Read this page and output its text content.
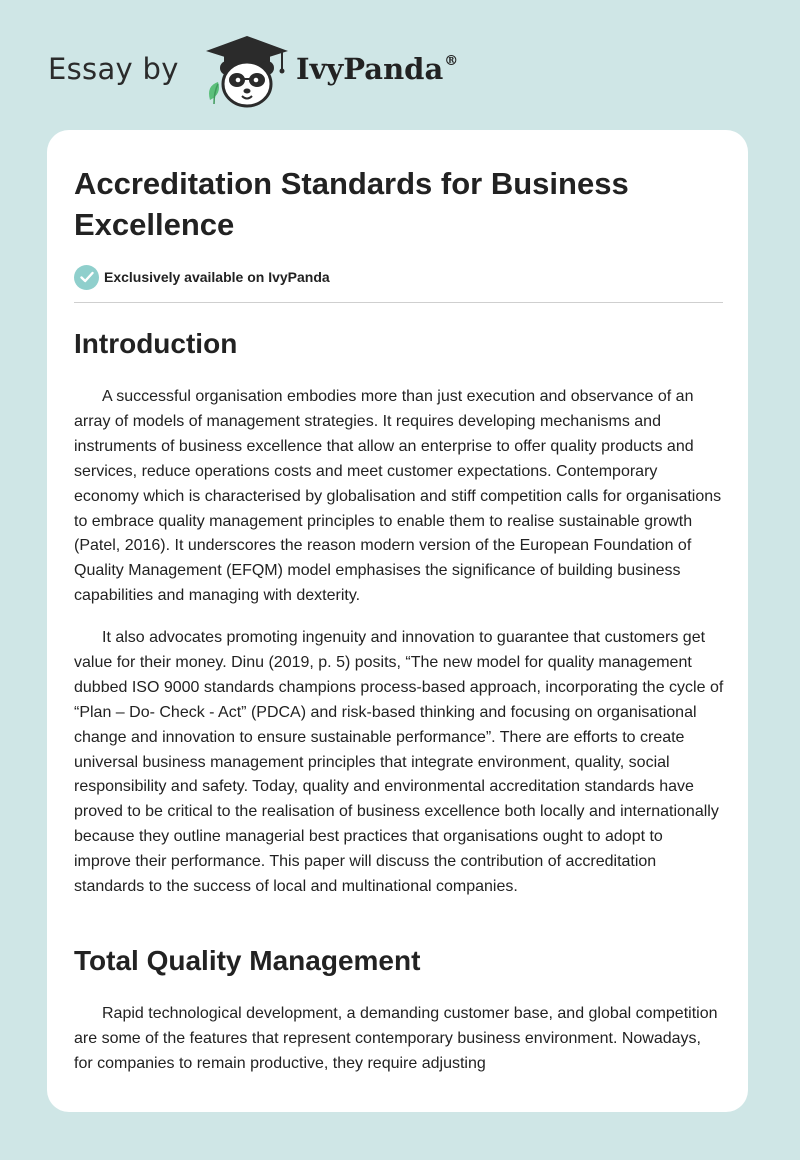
Essay by	IvyPanda®
Accreditation Standards for Business Excellence
Exclusively available on IvyPanda
Introduction

A successful organisation embodies more than just execution and observance of an array of models of management strategies. It requires developing mechanisms and instruments of business excellence that allow an enterprise to offer quality products and services, reduce operations costs and meet customer expectations. Contemporary economy which is characterised by globalisation and stiff competition calls for organisations to embrace quality management principles to enable them to realise sustainable growth (Patel, 2016). It underscores the reason modern version of the European Foundation of Quality Management (EFQM) model emphasises the significance of building business capabilities and managing with dexterity.

It also advocates promoting ingenuity and innovation to guarantee that customers get value for their money. Dinu (2019, p. 5) posits, “The new model for quality management dubbed ISO 9000 standards champions process-based approach, incorporating the cycle of “Plan – Do- Check - Act” (PDCA) and risk-based thinking and focusing on organisational change and innovation to ensure sustainable performance”. There are efforts to create universal business management principles that integrate environment, quality, social responsibility and safety. Today, quality and environmental accreditation standards have proved to be critical to the realisation of business excellence both locally and internationally because they outline managerial best practices that organisations ought to adopt to improve their performance. This paper will discuss the contribution of accreditation standards to the success of local and multinational companies.

Total Quality Management

Rapid technological development, a demanding customer base, and global competition are some of the features that represent contemporary business environment. Nowadays, for companies to remain productive, they require adjusting
